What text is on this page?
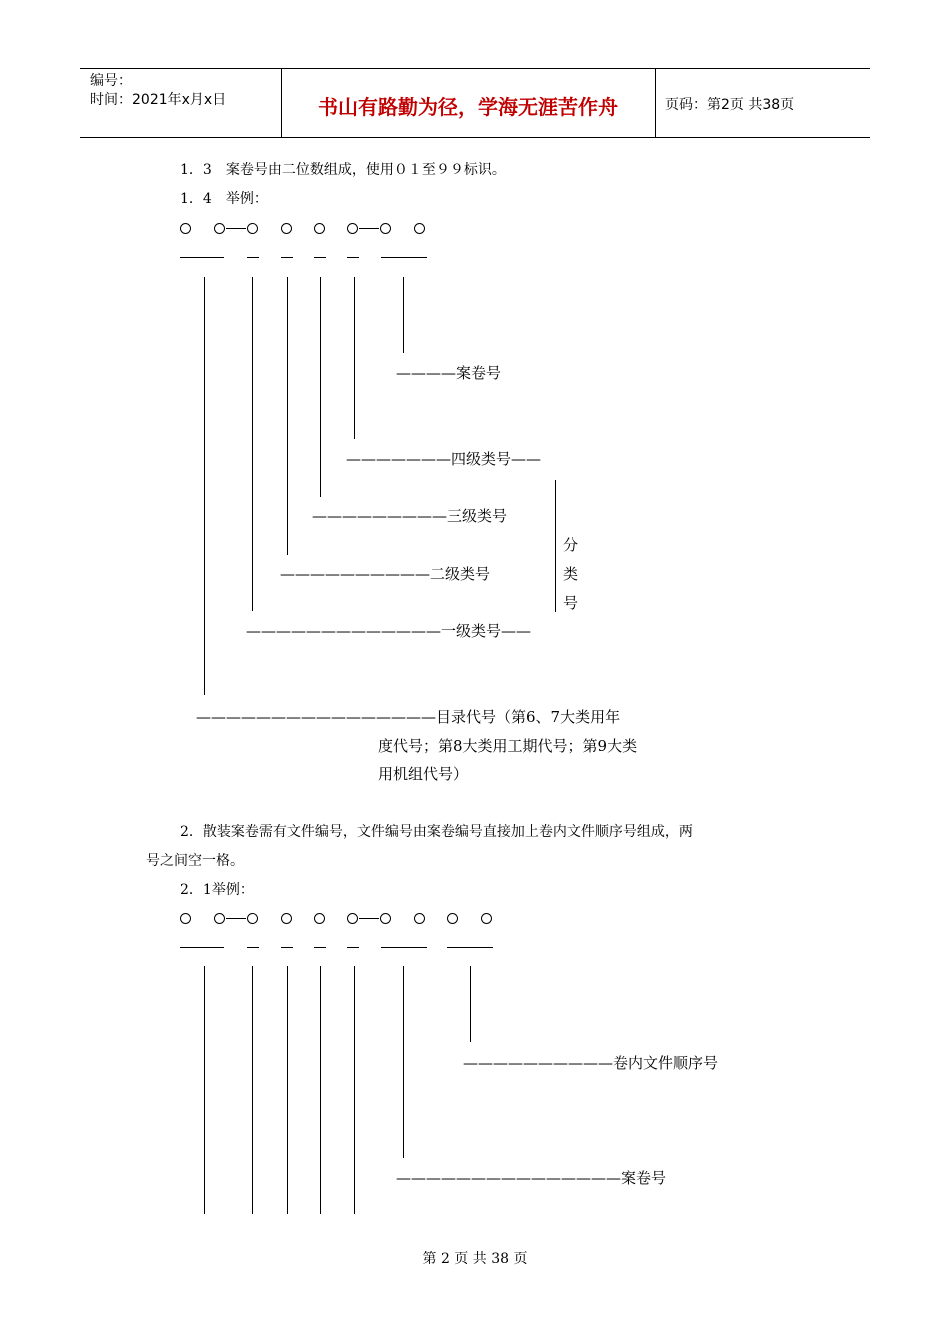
编号：
时间：2021年x月x日	书山有路勤为径，学海无涯苦作舟	页码：第2页 共38页
1．3　案卷号由二位数组成，使用０１至９９标识。
1．4　举例：
————案卷号
———————四级类号——
—————————三级类号
——————————二级类号
—————————————一级类号——
分
类
号
————————————————目录代号（第6、7大类用年
度代号；第8大类用工期代号；第9大类
用机组代号）
2．散装案卷需有文件编号，文件编号由案卷编号直接加上卷内文件顺序号组成，两
号之间空一格。
2．1举例：
——————————卷内文件顺序号
———————————————案卷号
第 2 页 共 38 页
